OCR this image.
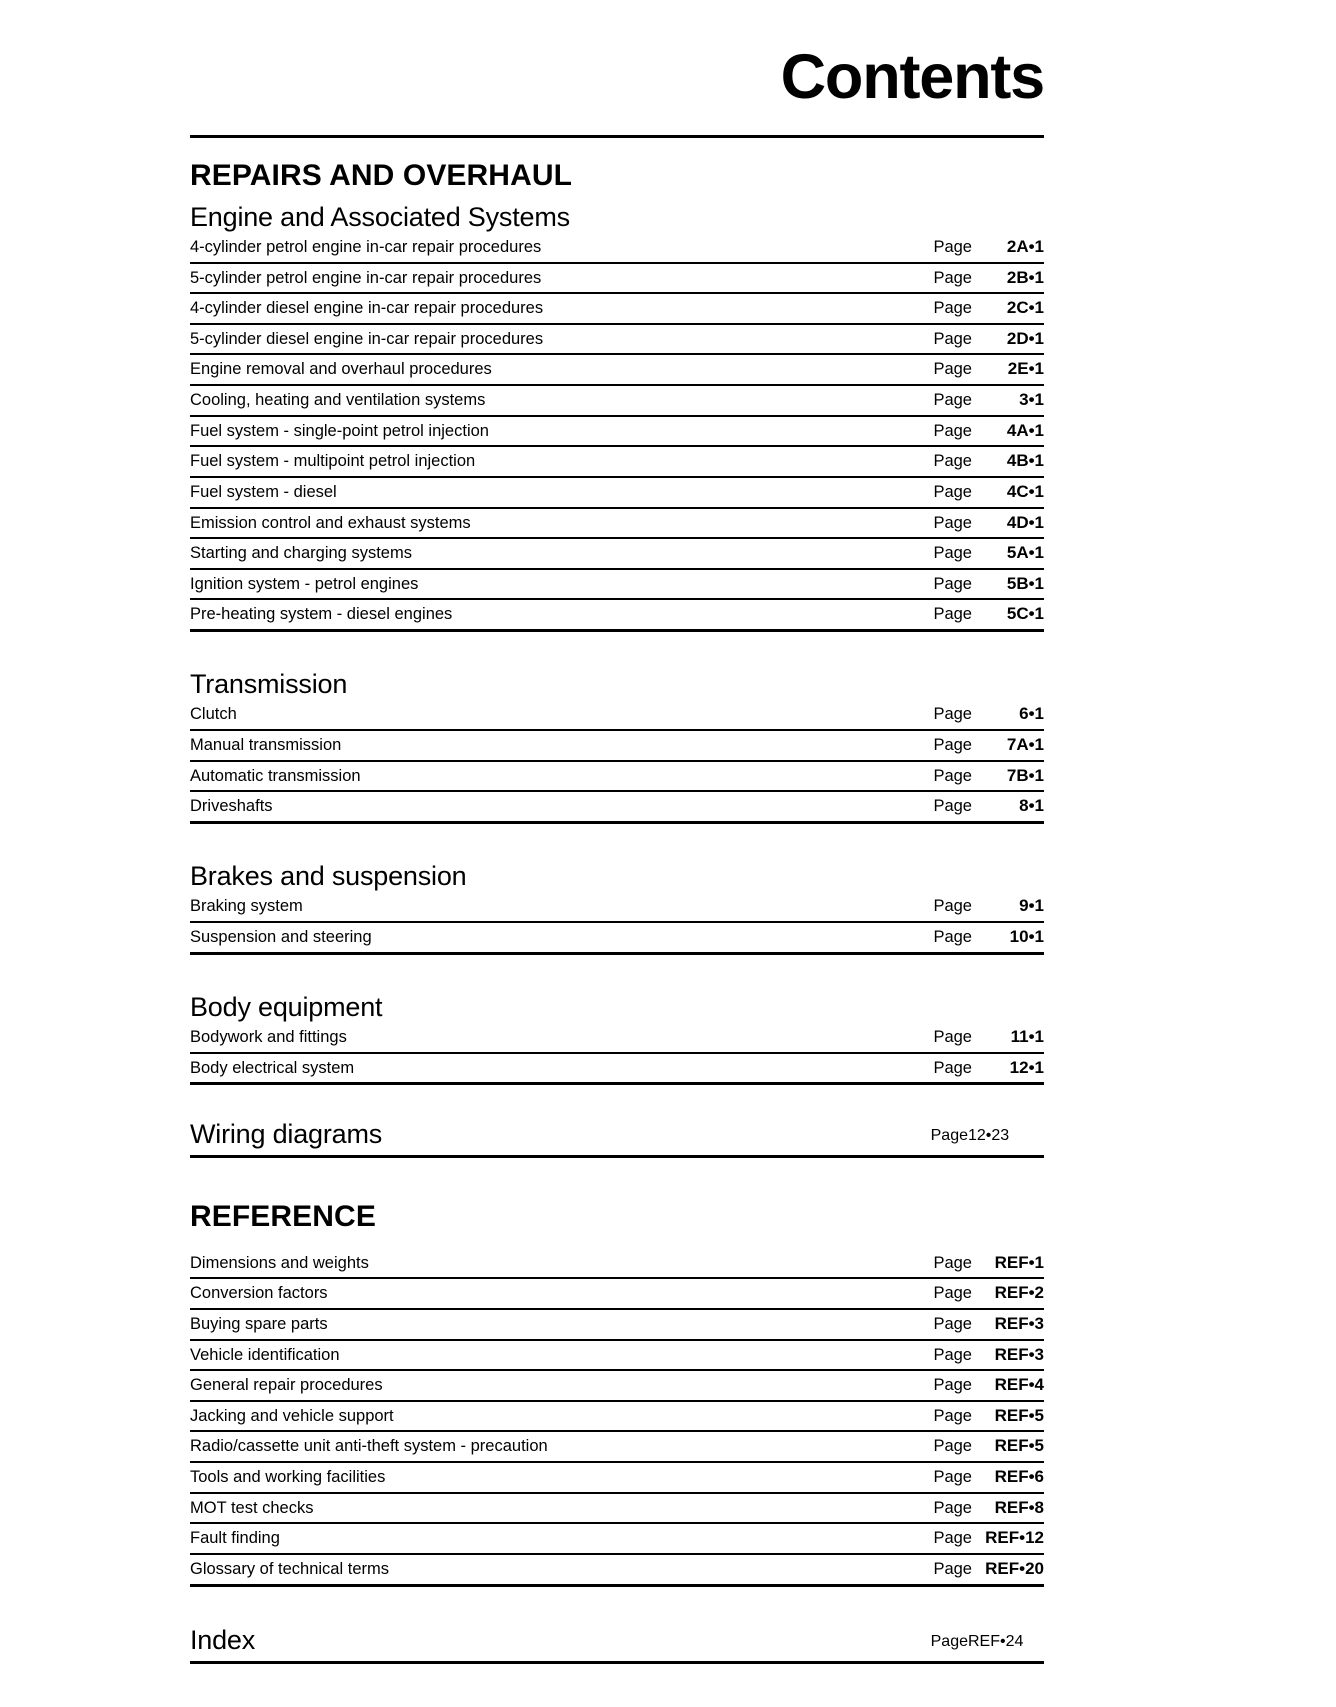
Contents
REPAIRS AND OVERHAUL
Engine and Associated Systems
4-cylinder petrol engine in-car repair procedures	Page	2A•1
5-cylinder petrol engine in-car repair procedures	Page	2B•1
4-cylinder diesel engine in-car repair procedures	Page	2C•1
5-cylinder diesel engine in-car repair procedures	Page	2D•1
Engine removal and overhaul procedures	Page	2E•1
Cooling, heating and ventilation systems	Page	3•1
Fuel system - single-point petrol injection	Page	4A•1
Fuel system - multipoint petrol injection	Page	4B•1
Fuel system - diesel	Page	4C•1
Emission control and exhaust systems	Page	4D•1
Starting and charging systems	Page	5A•1
Ignition system - petrol engines	Page	5B•1
Pre-heating system - diesel engines	Page	5C•1
Transmission
Clutch	Page	6•1
Manual transmission	Page	7A•1
Automatic transmission	Page	7B•1
Driveshafts	Page	8•1
Brakes and suspension
Braking system	Page	9•1
Suspension and steering	Page	10•1
Body equipment
Bodywork and fittings	Page	11•1
Body electrical system	Page	12•1
Wiring diagrams	Page 12•23
REFERENCE
Dimensions and weights	Page	REF•1
Conversion factors	Page	REF•2
Buying spare parts	Page	REF•3
Vehicle identification	Page	REF•3
General repair procedures	Page	REF•4
Jacking and vehicle support	Page	REF•5
Radio/cassette unit anti-theft system - precaution	Page	REF•5
Tools and working facilities	Page	REF•6
MOT test checks	Page	REF•8
Fault finding	Page REF•12
Glossary of technical terms	Page REF•20
Index	Page REF•24
